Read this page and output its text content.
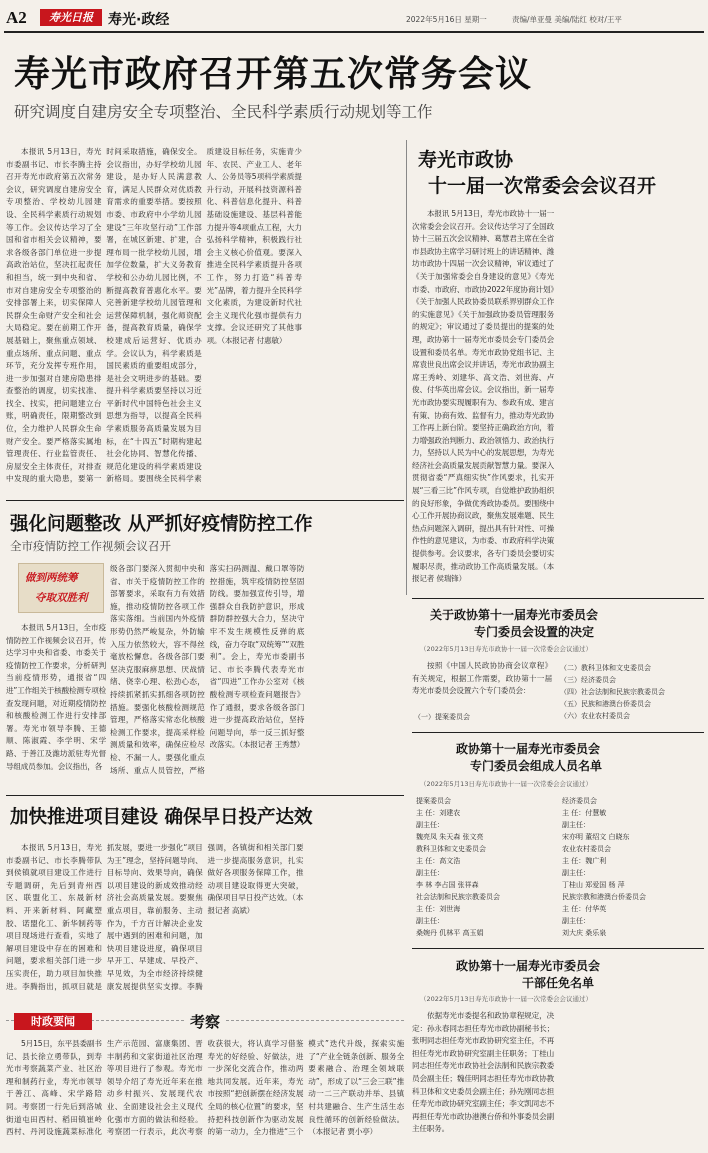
A2	寿光日报	寿光·政经	2022年5月16日 星期一	责编/单亚曼 美编/陆红 校对/王平
寿光市政府召开第五次常务会议
研究调度自建房安全专项整治、全民科学素质行动规划等工作
本报讯 5月13日，寿光市委副书记、市长李腾主持召开寿光市政府第五次常务会议，研究调度自建房安全专项整治、学校幼儿园建设、全民科学素质行动规划等工作。会议传达学习了全国和省市相关会议精神，要求各级各部门单位进一步提高政治站位，坚决扛起责任和担当，统一到中央和省、市对自建房安全专项整治的安排部署上来，切实保障人民群众生命财产安全和社会大局稳定。要在前期工作开展基础上，聚焦重点领域、重点场所、重点问题、重点环节，充分发挥专班作用，进一步加强对自建房隐患排查整治的调度，切实找准、找全、找实，把问题建立台账，明确责任，限期整改到位，全力维护人民群众生命财产安全。要严格落实属地管理责任、行业监管责任、房屋安全主体责任，对排查中发现的重大隐患，要第一时间采取措施，确保安全。会议指出，办好学校幼儿园建设，是办好人民满意教育，满足人民群众对优质教育需求的重要举措。要按照市委、市政府中小学幼儿园建设“三年攻坚行动”工作部署，在城区新建、扩建，合理布局一批学校幼儿园，增加学位数量，扩大义务教育学校和公办幼儿园比例，不断提高教育普惠化水平。要完善新建学校幼儿园管理和运营保障机制，强化师资配备，提高教育质量，确保学校建成后运营好、优质办学。会议认为，科学素质是国民素质的重要组成部分，是社会文明进步的基础。要提升科学素质要坚持以习近平新时代中国特色社会主义思想为指导，以提高全民科学素质服务高质量发展为目标，在“十四五”时期构建起社会化协同、智慧化传播、规范化建设的科学素质建设新格局。要围绕全民科学素质建设目标任务，实施青少年、农民、产业工人、老年人、公务员等5项科学素质提升行动，开展科技资源科普化、科普信息化提升、科普基础设施建设、基层科普能力提升等4项重点工程，大力弘扬科学精神，积极践行社会主义核心价值观。要深入推进全民科学素质提升各项工作，努力打造“科普寿光”品牌，着力提升全民科学文化素质，为建设新时代社会主义现代化强市提供有力支撑。会议还研究了其他事项。（本报记者 付惠敏）
寿光市政协
十一届一次常委会会议召开
本报讯 5月13日，寿光市政协十一届一次常委会会议召开。会议传达学习了全国政协十三届五次会议精神、葛慧君主席在全省市县政协主席学习研讨班上的讲话精神、潍坊市政协十四届一次会议精神，审议通过了《关于加强常委会自身建设的意见》《寿光市委、市政府、市政协2022年度协商计划》《关于加强人民政协委员联系界别群众工作的实施意见》《关于加强政协委员管理服务的规定》；审议通过了委员提出的提案的处理，政协第十一届寿光市委员会专门委员会设置和委员名单。寿光市政协党组书记、主席袁世良出席会议并讲话，寿光市政协副主席王秀岭、刘建华、高文浩、刘世海、卢俊、付华英出席会议。会议指出，新一届寿光市政协要实现履职有为、参政有成、建言有策、协商有效、监督有力，推动寿光政协工作再上新台阶。要坚持正确政治方向，着力增强政治判断力、政治领悟力、政治执行力，坚持以人民为中心的发展思想，为寿光经济社会高质量发展贡献智慧力量。要深入贯彻省委“严真细实快”作风要求，扎实开展“三看三比”作风专项，自觉维护政协组织的良好形象，争做优秀政协委员。要围绕中心工作开展协商议政，聚焦发展难题、民生热点问题深入调研，提出具有针对性、可操作性的意见建议，为市委、市政府科学决策提供参考。会议要求，各专门委员会要切实履职尽责，推动政协工作高质量发展。（本报记者 侯瑞锋）
强化问题整改 从严抓好疫情防控工作
全市疫情防控工作视频会议召开
做到两统筹
夺取双胜利
本报讯 5月13日，全市疫情防控工作视频会议召开，传达学习中央和省委、市委关于疫情防控工作要求，分析研判当前疫情形势，通报省“四进”工作组关于核酸检测专项检查发现问题，对近期疫情防控和核酸检测工作进行安排部署。寿光市领导李腾、王德顺、陈淑霞、李学明、宋学路、于善江及潍坊派驻寿光督导组成员参加。会议指出，各
级各部门要深入贯彻中央和省、市关于疫情防控工作的部署要求，采取有力有效措施，推动疫情防控各项工作落实落细。当前国内外疫情形势仍然严峻复杂，外防输入压力依然较大，容不得丝毫放松懈怠。各级各部门要坚决克服麻痹思想、厌战情绪、侥幸心理、松劲心态，持续抓紧抓实抓细各项防控措施。要强化核酸检测规范管理，严格落实常态化核酸检测工作要求，提高采样检测质量和效率，确保应检尽检、不漏一人。要强化重点场所、重点人员管控，严格落实扫码测温、戴口罩等防控措施，筑牢疫情防控坚固防线。要加强宣传引导，增强群众自我防护意识，形成群防群控强大合力，坚决守牢不发生规模性反弹的底线，奋力夺取“双统筹”“双胜利”。会上，寿光市委副书记、市长李腾代表寿光市省“四进”工作办公室对《核酸检测专项检查问题报告》作了通报，要求各级各部门进一步提高政治站位，坚持问题导向，举一反三抓好整改落实。（本报记者 王秀慧）
加快推进项目建设 确保早日投产达效
本报讯 5月13日，寿光市委副书记、市长李腾带队到侯镇就项目建设工作进行专题调研，先后到青州西区、联盟化工、东晟新材料、开来新材料、阿藏塑胶、诺盟化工、新华制药等项目现场进行查看，实地了解项目建设中存在的困难和问题，要求相关部门进一步压实责任，助力项目加快推进。李腾指出，抓项目就是抓发展，要进一步强化“项目为王”理念，坚持问题导向、目标导向、效果导向，确保以项目建设的新成效推动经济社会高质量发展。要聚焦重点项目，靠前服务、主动作为，千方百计解决企业发展中遇到的困难和问题，加快项目建设进度，确保项目早开工、早建成、早投产、早见效，为全市经济持续健康发展提供坚实支撑。李腾强调，各镇街和相关部门要进一步提高服务意识，扎实做好各项服务保障工作，推动项目建设取得更大突破，确保项目早日投产达效。（本报记者 高斌）
关于政协第十一届寿光市委员会
专门委员会设置的决定
（2022年5月13日寿光市政协十一届一次常委会会议通过）
按照《中国人民政协协商会议章程》有关规定，根据工作需要，政协第十一届寿光市委员会设置六个专门委员会：
（一）提案委员会
（二）教科卫体和文史委员会
（三）经济委员会
（四）社会法制和民族宗教委员会
（五）民族和港澳台侨委员会
（六）农业农村委员会
政协第十一届寿光市委员会
专门委员会组成人员名单
（2022年5月13日寿光市政协十一届一次常委会会议通过）
提案委员会
主 任：刘建农
副主任：
魏亮凤 朱天森 张文亮
教科卫体和文史委员会
主 任：高文浩
副主任：
李 林 李占国 张祥森
社会法制和民族宗教委员会
主 任：刘世海
副主任：
桑婉丹 仉林平 高玉娟
经济委员会
主 任：付慧敏
副主任：
宋亦明 董绍文 白晓东
农业农村委员会
主 任：魏广利
副主任：
丁桂山 郑爱国 杨 萍
民族宗教和港澳台侨委员会
主 任：付华英
副主任：
刘大庆 桑乐泉
政协第十一届寿光市委员会
干部任免名单
（2022年5月13日寿光市政协十一届一次常委会会议通过）
依据寿光市委提名和政协章程规定，决定：孙永春同志担任寿光市政协副秘书长；张明同志担任寿光市政协研究室主任，不再担任寿光市政协研究室副主任职务；丁桂山同志担任寿光市政协社会法制和民族宗教委员会副主任；魏佳明同志担任寿光市政协教科卫体和文史委员会副主任；孙先刚同志担任寿光市政协研究室副主任；李文凯同志不再担任寿光市政协港澳台侨和外事委员会副主任职务。
时政要闻	考察
5月15日，东平县委副书记、县长徐立勇带队，到寿光市考察蔬菜产业、社区治理和制药行业，寿光市领导于善江、高峰、宋学路陪同。考察团一行先后到洛城街道屯田西村、稻田镇崔岭西村、丹河设施蔬菜标准化生产示范园、富康集团、晋丰制药和文家街道社区治理等项目进行了参观。寿光市领导介绍了寿光近年来在推动乡村振兴、发展现代农业、全面建设社会主义现代化强市方面的做法和经验。考察团一行表示，此次考察收获很大，将认真学习借鉴寿光的好经验、好做法，进一步深化交流合作，推动两地共同发展。近年来，寿光市按照“把创新摆在经济发展全局的核心位置”的要求，坚持把科技创新作为驱动发展的第一动力，全力推进“三个模式”迭代升级，探索实施了“产业全链条创新、服务全要素融合、治理全领域联动”，形成了以“三会三联”推动一二三产联动并举、县镇村共建融合、生产生活生态良性循环的创新经验做法。（本报记者 贾小亭）
